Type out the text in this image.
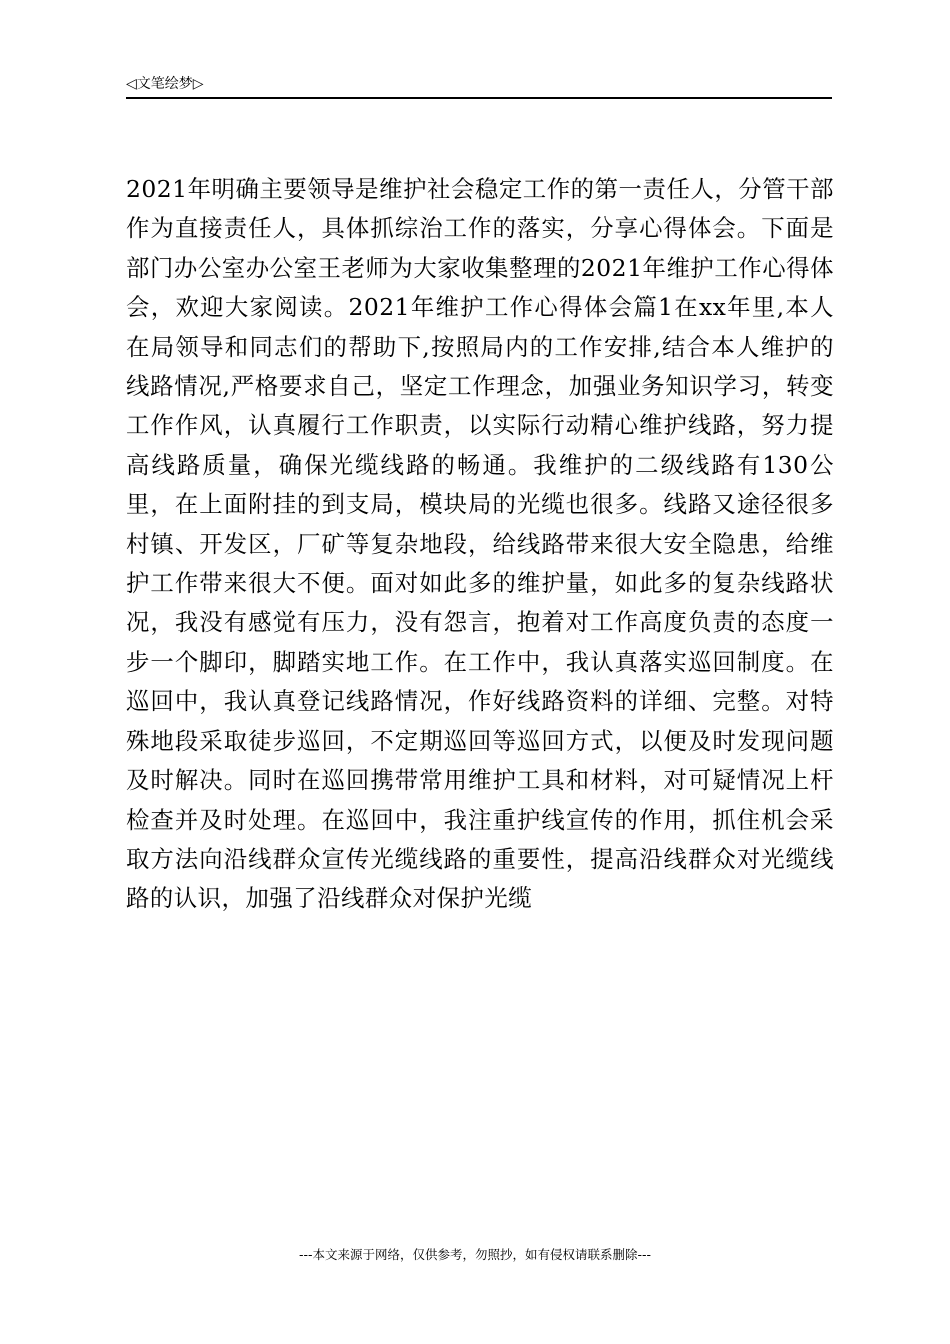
◁文笔绘梦▷

2021年明确主要领导是维护社会稳定工作的第一责任人，分管干部作为直接责任人，具体抓综治工作的落实，分享心得体会。下面是部门办公室办公室王老师为大家收集整理的2021年维护工作心得体会，欢迎大家阅读。2021年维护工作心得体会篇1在xx年里,本人在局领导和同志们的帮助下,按照局内的工作安排,结合本人维护的线路情况,严格要求自己，坚定工作理念，加强业务知识学习，转变工作作风，认真履行工作职责，以实际行动精心维护线路，努力提高线路质量，确保光缆线路的畅通。我维护的二级线路有130公里，在上面附挂的到支局，模块局的光缆也很多。线路又途径很多村镇、开发区，厂矿等复杂地段，给线路带来很大安全隐患，给维护工作带来很大不便。面对如此多的维护量，如此多的复杂线路状况，我没有感觉有压力，没有怨言，抱着对工作高度负责的态度一步一个脚印，脚踏实地工作。在工作中，我认真落实巡回制度。在巡回中，我认真登记线路情况，作好线路资料的详细、完整。对特殊地段采取徒步巡回，不定期巡回等巡回方式，以便及时发现问题及时解决。同时在巡回携带常用维护工具和材料，对可疑情况上杆检查并及时处理。在巡回中，我注重护线宣传的作用，抓住机会采取方法向沿线群众宣传光缆线路的重要性，提高沿线群众对光缆线路的认识，加强了沿线群众对保护光缆

---本文来源于网络，仅供参考，勿照抄，如有侵权请联系删除---
